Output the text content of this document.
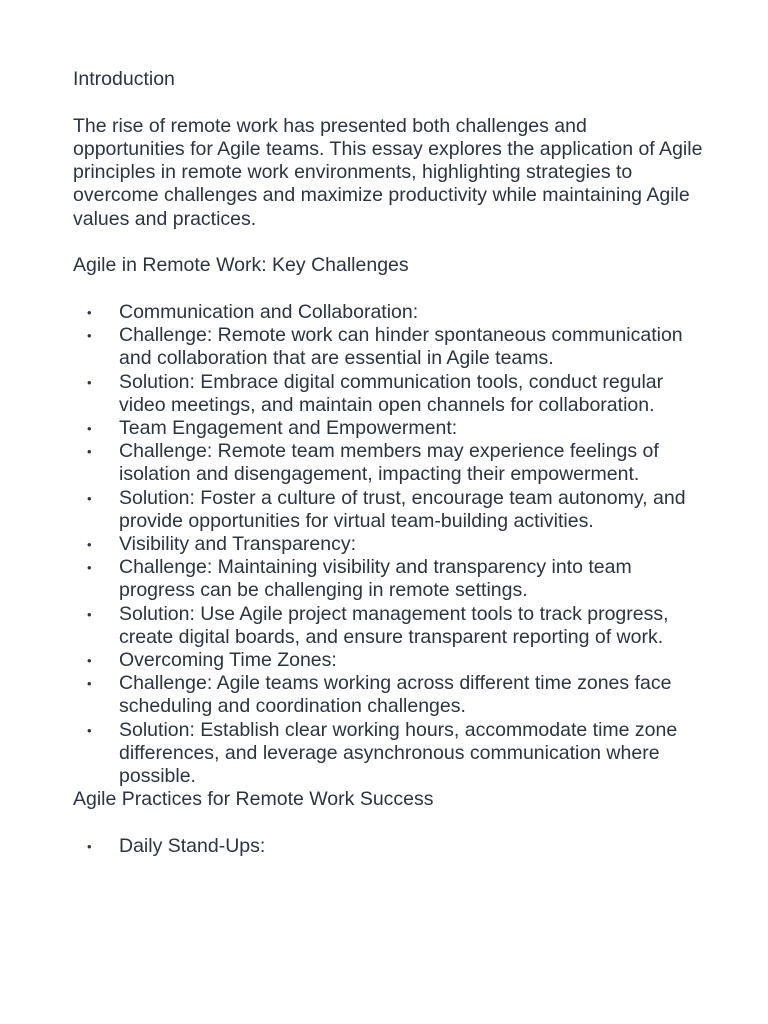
Introduction

The rise of remote work has presented both challenges and opportunities for Agile teams. This essay explores the application of Agile principles in remote work environments, highlighting strategies to overcome challenges and maximize productivity while maintaining Agile values and practices.

Agile in Remote Work: Key Challenges

• Communication and Collaboration:
• Challenge: Remote work can hinder spontaneous communication and collaboration that are essential in Agile teams.
• Solution: Embrace digital communication tools, conduct regular video meetings, and maintain open channels for collaboration.
• Team Engagement and Empowerment:
• Challenge: Remote team members may experience feelings of isolation and disengagement, impacting their empowerment.
• Solution: Foster a culture of trust, encourage team autonomy, and provide opportunities for virtual team-building activities.
• Visibility and Transparency:
• Challenge: Maintaining visibility and transparency into team progress can be challenging in remote settings.
• Solution: Use Agile project management tools to track progress, create digital boards, and ensure transparent reporting of work.
• Overcoming Time Zones:
• Challenge: Agile teams working across different time zones face scheduling and coordination challenges.
• Solution: Establish clear working hours, accommodate time zone differences, and leverage asynchronous communication where possible.

Agile Practices for Remote Work Success

• Daily Stand-Ups:
